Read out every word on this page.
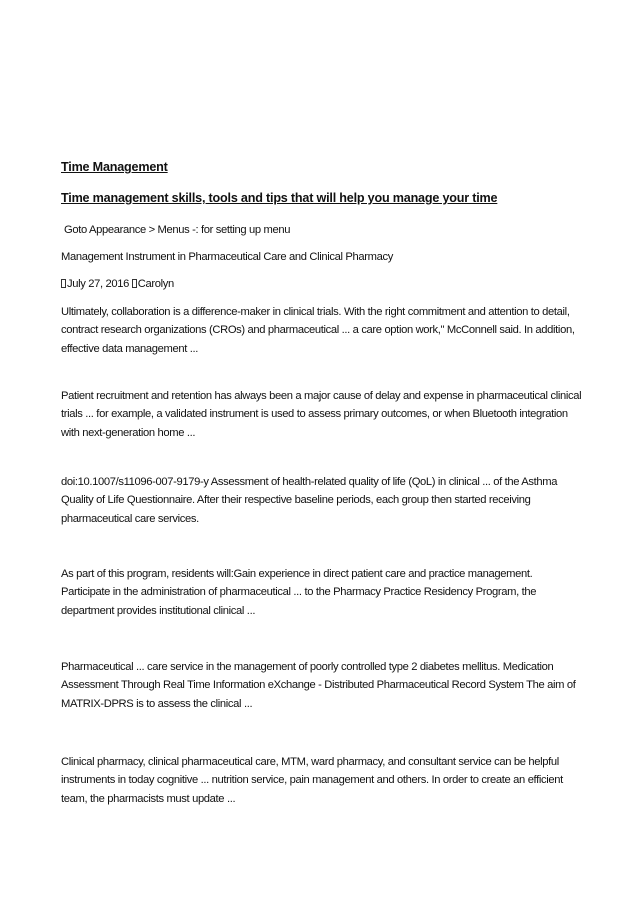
Time Management
Time management skills, tools and tips that will help you manage your time
Goto Appearance > Menus -: for setting up menu
Management Instrument in Pharmaceutical Care and Clinical Pharmacy
July 27, 2016 Carolyn
Ultimately, collaboration is a difference-maker in clinical trials. With the right commitment and attention to detail, contract research organizations (CROs) and pharmaceutical ... a care option work," McConnell said. In addition, effective data management ...
Patient recruitment and retention has always been a major cause of delay and expense in pharmaceutical clinical trials ... for example, a validated instrument is used to assess primary outcomes, or when Bluetooth integration with next-generation home ...
doi:10.1007/s11096-007-9179-y Assessment of health-related quality of life (QoL) in clinical ... of the Asthma Quality of Life Questionnaire. After their respective baseline periods, each group then started receiving pharmaceutical care services.
As part of this program, residents will:Gain experience in direct patient care and practice management. Participate in the administration of pharmaceutical ... to the Pharmacy Practice Residency Program, the department provides institutional clinical ...
Pharmaceutical ... care service in the management of poorly controlled type 2 diabetes mellitus. Medication Assessment Through Real Time Information eXchange - Distributed Pharmaceutical Record System The aim of MATRIX-DPRS is to assess the clinical ...
Clinical pharmacy, clinical pharmaceutical care, MTM, ward pharmacy, and consultant service can be helpful instruments in today cognitive ... nutrition service, pain management and others. In order to create an efficient team, the pharmacists must update ...
